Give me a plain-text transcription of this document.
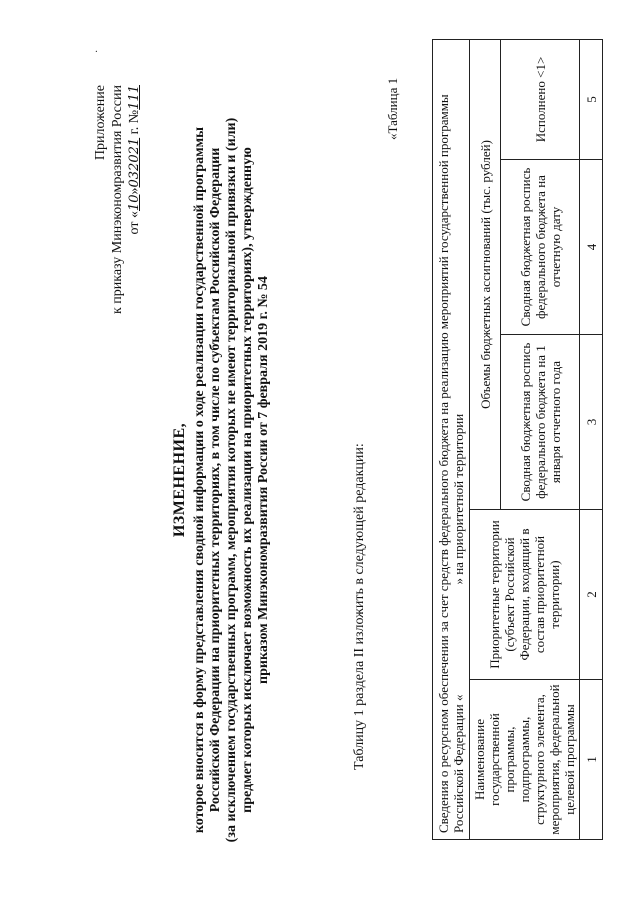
Приложение к приказу Минэкономразвития России от «10»032021 г. №111
·
ИЗМЕНЕНИЕ, которое вносится в форму представления сводной информации о ходе реализации государственной программы Российской Федерации на приоритетных территориях, в том числе по субъектам Российской Федерации (за исключением государственных программ, мероприятия которых не имеют территориальной привязки и (или) предмет которых исключает возможность их реализации на приоритетных территориях), утвержденную приказом Минэкономразвития России от 7 февраля 2019 г. № 54
«Таблица 1
Таблицу 1 раздела II изложить в следующей редакции:	Сведения о ресурсном обеспечении за счет средств федерального бюджета на реализацию мероприятий государственной программы Российской Федерации «» на приоритетной территории				

Наименование государственной программы, подпрограммы, структурного элемента, мероприятия, федеральной целевой программы	Приоритетные территории (субъект Российской Федерации, входящий в состав приоритетной территории)	Объемы бюджетных ассигнований (тыс. рублей)		
		Сводная бюджетная роспись федерального бюджета на 1 января отчетного года	Сводная бюджетная роспись федерального бюджета на отчетную дату	Исполнено <1>
1	2	3	4	5
